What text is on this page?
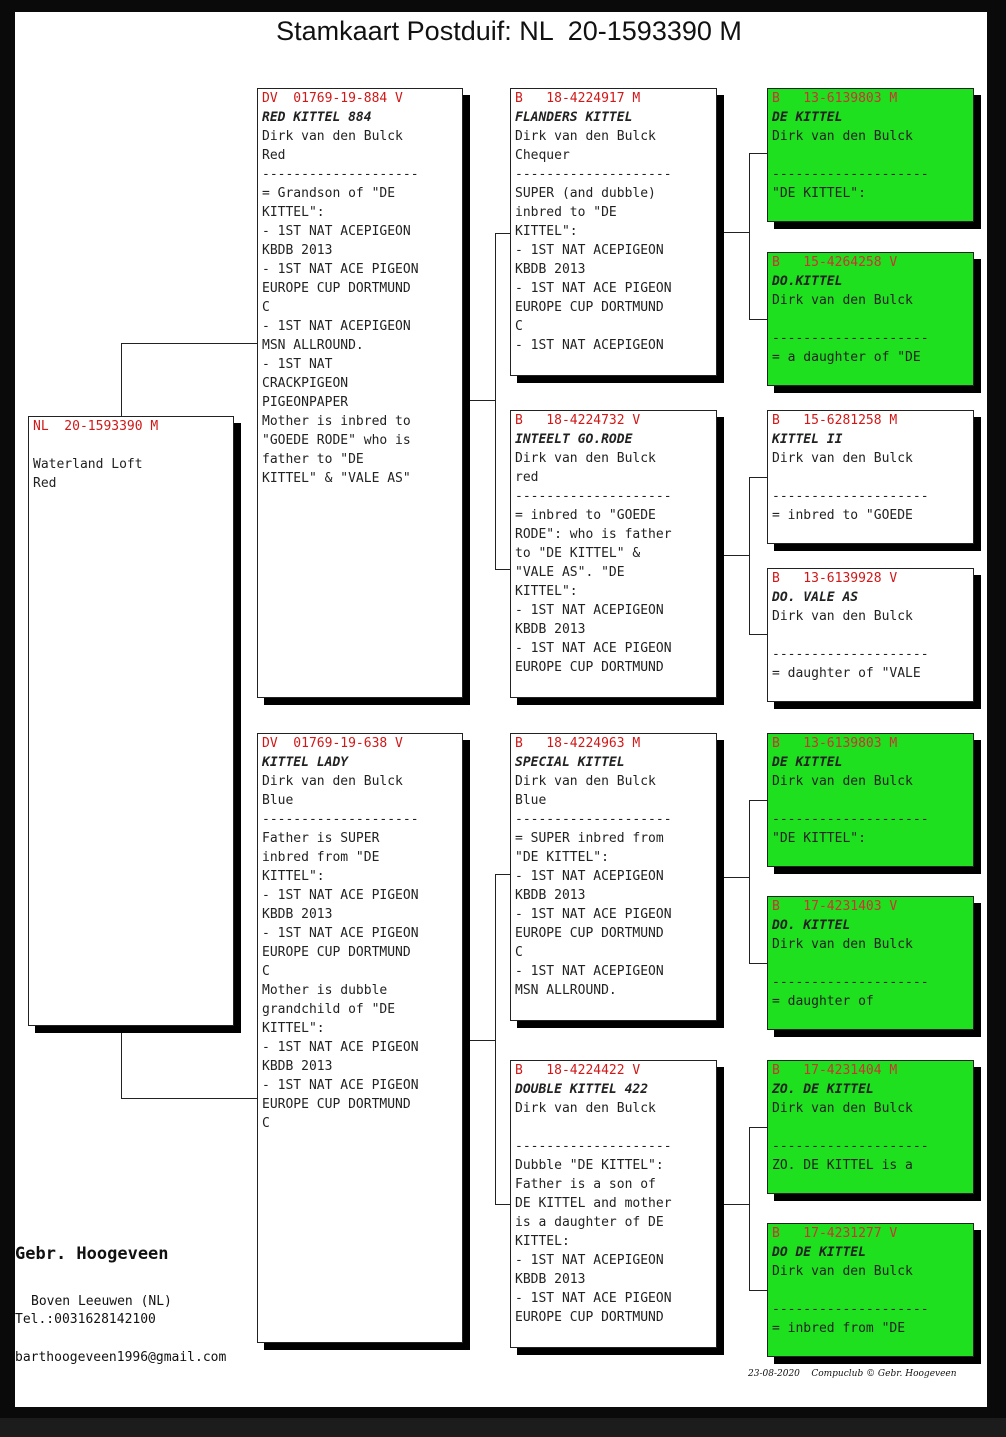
Stamkaart Postduif: NL  20-1593390 M
NL  20-1593390 M

Waterland Loft
Red
DV  01769-19-884 V
RED KITTEL 884
Dirk van den Bulck
Red
--------------------
= Grandson of "DE
KITTEL":
- 1ST NAT ACEPIGEON
KBDB 2013
- 1ST NAT ACE PIGEON
EUROPE CUP DORTMUND
C
- 1ST NAT ACEPIGEON
MSN ALLROUND.
- 1ST NAT
CRACKPIGEON
PIGEONPAPER
Mother is inbred to
"GOEDE RODE" who is
father to "DE
KITTEL" & "VALE AS"
DV  01769-19-638 V
KITTEL LADY
Dirk van den Bulck
Blue
--------------------
Father is SUPER
inbred from "DE
KITTEL":
- 1ST NAT ACE PIGEON
KBDB 2013
- 1ST NAT ACE PIGEON
EUROPE CUP DORTMUND
C
Mother is dubble
grandchild of "DE
KITTEL":
- 1ST NAT ACE PIGEON
KBDB 2013
- 1ST NAT ACE PIGEON
EUROPE CUP DORTMUND
C
B   18-4224917 M
FLANDERS KITTEL
Dirk van den Bulck
Chequer
--------------------
SUPER (and dubble)
inbred to "DE
KITTEL":
- 1ST NAT ACEPIGEON
KBDB 2013
- 1ST NAT ACE PIGEON
EUROPE CUP DORTMUND
C
- 1ST NAT ACEPIGEON
B   18-4224732 V
INTEELT GO.RODE
Dirk van den Bulck
red
--------------------
= inbred to "GOEDE
RODE": who is father
to "DE KITTEL" &
"VALE AS". "DE
KITTEL":
- 1ST NAT ACEPIGEON
KBDB 2013
- 1ST NAT ACE PIGEON
EUROPE CUP DORTMUND
B   18-4224963 M
SPECIAL KITTEL
Dirk van den Bulck
Blue
--------------------
= SUPER inbred from
"DE KITTEL":
- 1ST NAT ACEPIGEON
KBDB 2013
- 1ST NAT ACE PIGEON
EUROPE CUP DORTMUND
C
- 1ST NAT ACEPIGEON
MSN ALLROUND.
B   18-4224422 V
DOUBLE KITTEL 422
Dirk van den Bulck

--------------------
Dubble "DE KITTEL":
Father is a son of
DE KITTEL and mother
is a daughter of DE
KITTEL:
- 1ST NAT ACEPIGEON
KBDB 2013
- 1ST NAT ACE PIGEON
EUROPE CUP DORTMUND
B   13-6139803 M
DE KITTEL
Dirk van den Bulck

--------------------
"DE KITTEL":
B   15-4264258 V
DO.KITTEL
Dirk van den Bulck

--------------------
= a daughter of "DE
B   15-6281258 M
KITTEL II
Dirk van den Bulck

--------------------
= inbred to "GOEDE
B   13-6139928 V
DO. VALE AS
Dirk van den Bulck

--------------------
= daughter of "VALE
B   13-6139803 M
DE KITTEL
Dirk van den Bulck

--------------------
"DE KITTEL":
B   17-4231403 V
DO. KITTEL
Dirk van den Bulck

--------------------
= daughter of
B   17-4231404 M
ZO. DE KITTEL
Dirk van den Bulck

--------------------
ZO. DE KITTEL is a
B   17-4231277 V
DO DE KITTEL
Dirk van den Bulck

--------------------
= inbred from "DE
Gebr. Hoogeveen
Boven Leeuwen (NL)
Tel.:0031628142100
barthoogeveen1996@gmail.com
23-08-2020    Compuclub © Gebr. Hoogeveen
